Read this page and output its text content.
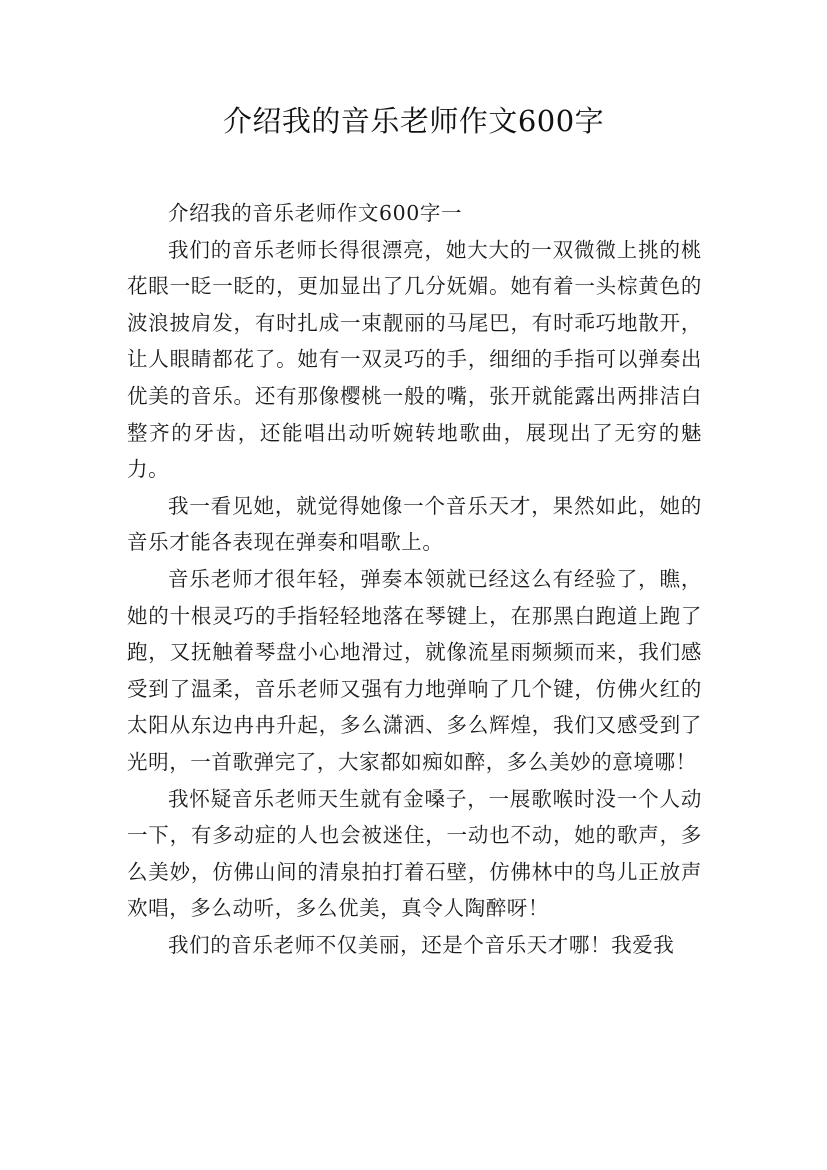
介绍我的音乐老师作文600字

介绍我的音乐老师作文600字一

我们的音乐老师长得很漂亮，她大大的一双微微上挑的桃花眼一眨一眨的，更加显出了几分妩媚。她有着一头棕黄色的波浪披肩发，有时扎成一束靓丽的马尾巴，有时乖巧地散开，让人眼睛都花了。她有一双灵巧的手，细细的手指可以弹奏出优美的音乐。还有那像樱桃一般的嘴，张开就能露出两排洁白整齐的牙齿，还能唱出动听婉转地歌曲，展现出了无穷的魅力。

我一看见她，就觉得她像一个音乐天才，果然如此，她的音乐才能各表现在弹奏和唱歌上。

音乐老师才很年轻，弹奏本领就已经这么有经验了，瞧，她的十根灵巧的手指轻轻地落在琴键上，在那黑白跑道上跑了跑，又抚触着琴盘小心地滑过，就像流星雨频频而来，我们感受到了温柔，音乐老师又强有力地弹响了几个键，仿佛火红的太阳从东边冉冉升起，多么潇洒、多么辉煌，我们又感受到了光明，一首歌弹完了，大家都如痴如醉，多么美妙的意境哪！

我怀疑音乐老师天生就有金嗓子，一展歌喉时没一个人动一下，有多动症的人也会被迷住，一动也不动，她的歌声，多么美妙，仿佛山间的清泉拍打着石壁，仿佛林中的鸟儿正放声欢唱，多么动听，多么优美，真令人陶醉呀！

我们的音乐老师不仅美丽，还是个音乐天才哪！我爱我
